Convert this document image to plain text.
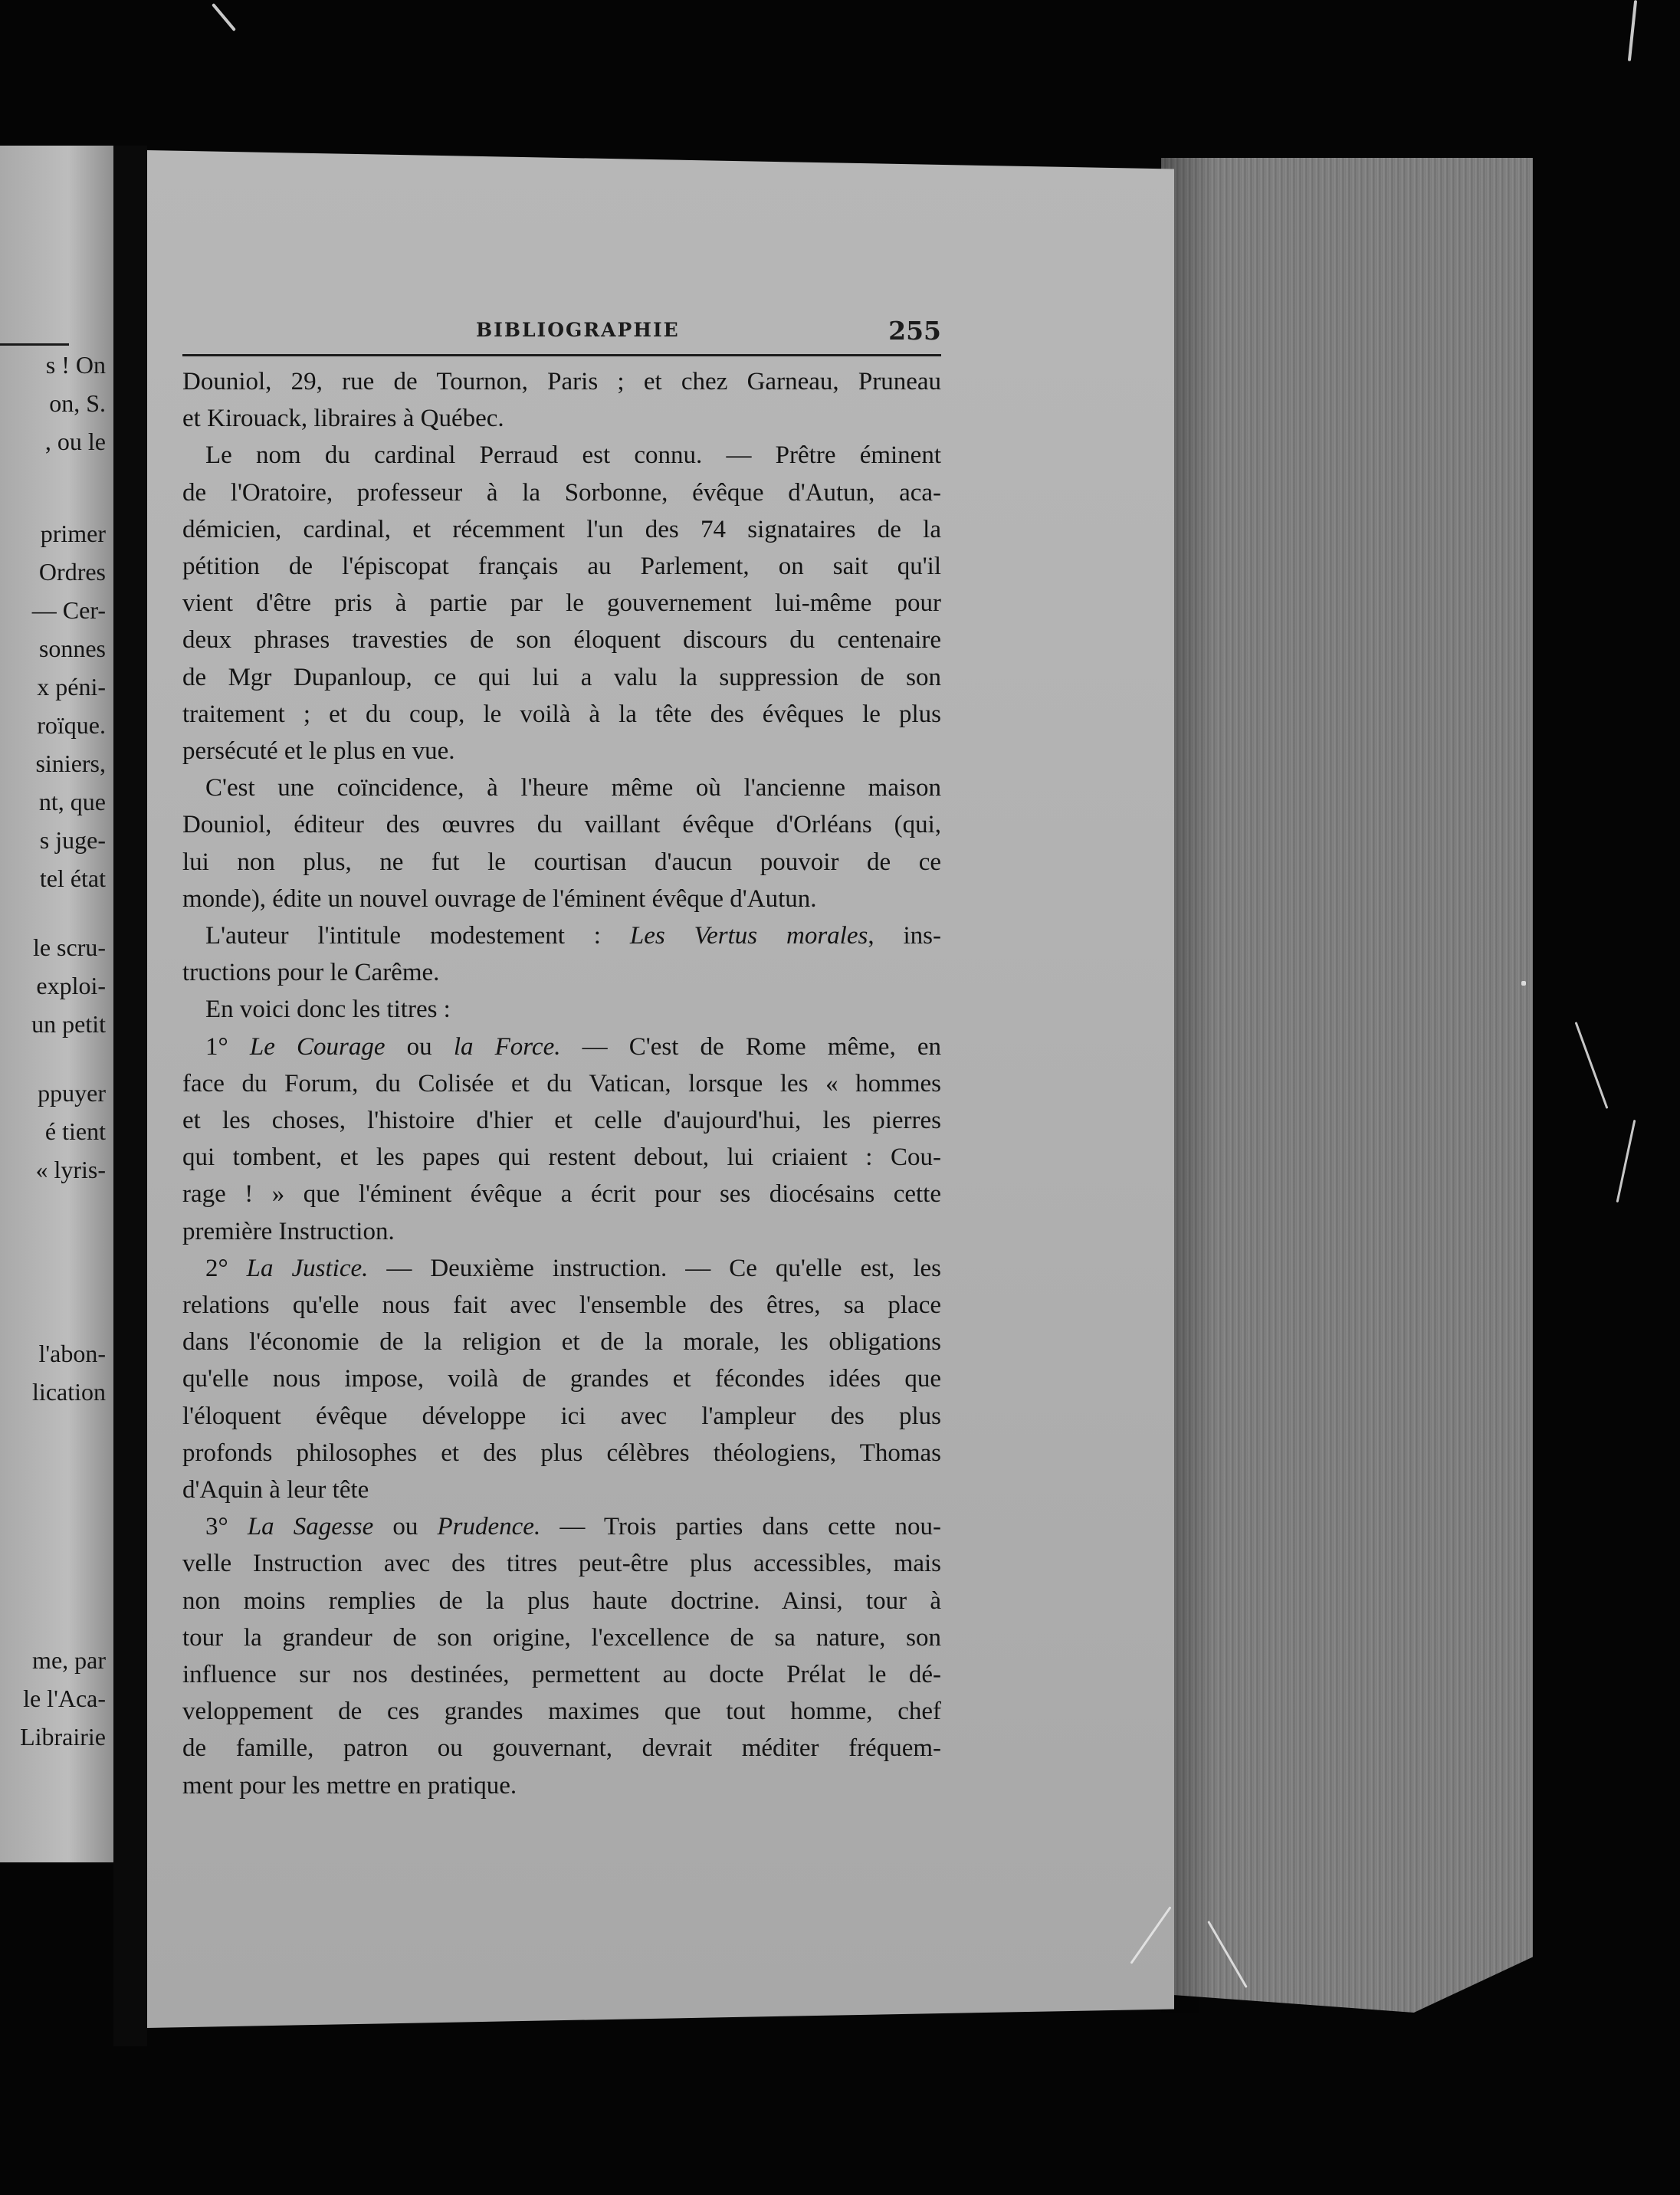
s ! On
on, S.
, ou le
primer
Ordres
— Cer-
sonnes
x péni-
roïque.
siniers,
nt, que
s juge-
tel état
le scru-
exploi-
un petit
ppuyer
é tient
« lyris-
l'abon-
lication
me, par
le l'Aca-
Librairie
BIBLIOGRAPHIE	255
Douniol, 29, rue de Tournon, Paris ; et chez Garneau, Pruneau
et Kirouack, libraires à Québec.
Le nom du cardinal Perraud est connu. — Prêtre éminent
de l'Oratoire, professeur à la Sorbonne, évêque d'Autun, aca-
démicien, cardinal, et récemment l'un des 74 signataires de la
pétition de l'épiscopat français au Parlement, on sait qu'il
vient d'être pris à partie par le gouvernement lui-même pour
deux phrases travesties de son éloquent discours du centenaire
de Mgr Dupanloup, ce qui lui a valu la suppression de son
traitement ; et du coup, le voilà à la tête des évêques le plus
persécuté et le plus en vue.
C'est une coïncidence, à l'heure même où l'ancienne maison
Douniol, éditeur des œuvres du vaillant évêque d'Orléans (qui,
lui non plus, ne fut le courtisan d'aucun pouvoir de ce
monde), édite un nouvel ouvrage de l'éminent évêque d'Autun.
L'auteur l'intitule modestement : Les Vertus morales, ins-
tructions pour le Carême.
En voici donc les titres :
1° Le Courage ou la Force. — C'est de Rome même, en
face du Forum, du Colisée et du Vatican, lorsque les « hommes
et les choses, l'histoire d'hier et celle d'aujourd'hui, les pierres
qui tombent, et les papes qui restent debout, lui criaient : Cou-
rage ! » que l'éminent évêque a écrit pour ses diocésains cette
première Instruction.
2° La Justice. — Deuxième instruction. — Ce qu'elle est, les
relations qu'elle nous fait avec l'ensemble des êtres, sa place
dans l'économie de la religion et de la morale, les obligations
qu'elle nous impose, voilà de grandes et fécondes idées que
l'éloquent évêque développe ici avec l'ampleur des plus
profonds philosophes et des plus célèbres théologiens, Thomas
d'Aquin à leur tête
3° La Sagesse ou Prudence. — Trois parties dans cette nou-
velle Instruction avec des titres peut-être plus accessibles, mais
non moins remplies de la plus haute doctrine. Ainsi, tour à
tour la grandeur de son origine, l'excellence de sa nature, son
influence sur nos destinées, permettent au docte Prélat le dé-
veloppement de ces grandes maximes que tout homme, chef
de famille, patron ou gouvernant, devrait méditer fréquem-
ment pour les mettre en pratique.
